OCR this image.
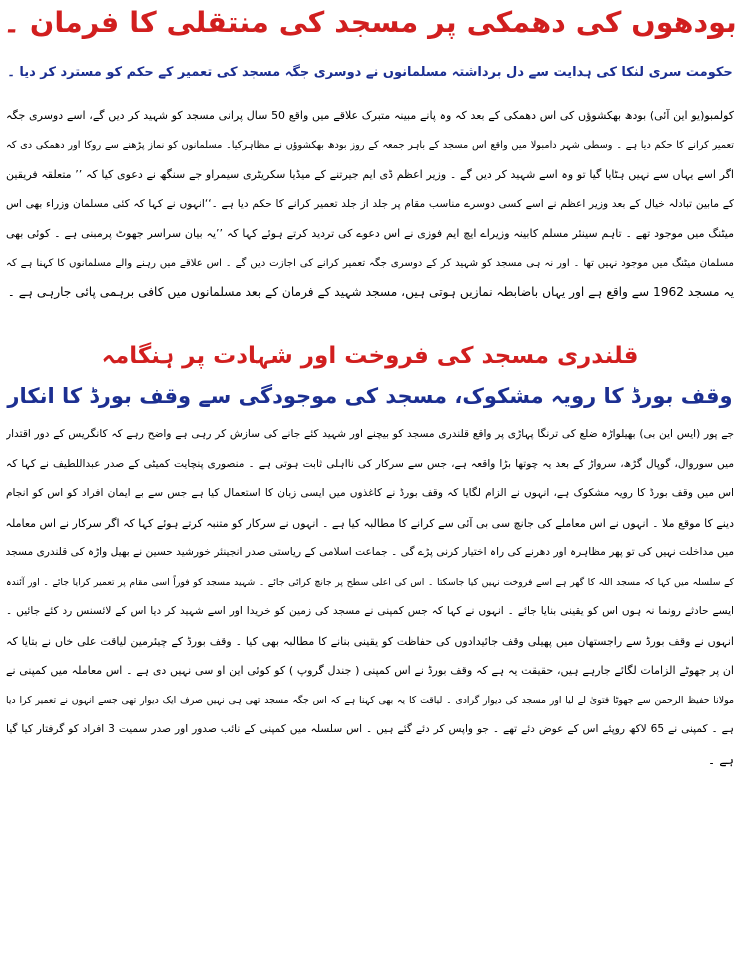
بودھوں کی دھمکی پر مسجد کی منتقلی کا فرمان ۔
حکومت سری لنکا کی ہدایت سے دل برداشتہ مسلمانوں نے دوسری جگہ مسجد کی تعمیر کے حکم کو مسترد کر دیا ۔
کولمبو(یو این آئی) بودھ بھکشوؤں کی اس دھمکی کے بعد کہ وہ پانے مبینہ متبرک علاقے میں واقع 50 سال پرانی مسجد کو شہید کر دیں گے، اسے دوسری جگہ
تعمیر کرانے کا حکم دیا ہے ۔ وسطی شہر دامبولا میں واقع اس مسجد کے باہر جمعہ کے روز بودھ بھکشوؤں نے مظاہرکیا۔ مسلمانوں کو نماز پڑھنے سے روکا اور دھمکی دی کہ
اگر اسے یہاں سے نہیں ہٹایا گیا تو وہ اسے شہید کر دیں گے ۔ وزیر اعظم ڈی ایم جیرتنے کے میڈیا سکریٹری سیمراو جے سنگھ نے دعوی کیا کہ ’’ متعلقہ فریقین
کے مابین تبادلہ خیال کے بعد وزیر اعظم نے اسے کسی دوسرے مناسب مقام پر جلد از جلد تعمیر کرانے کا حکم دیا ہے ۔‘‘انہوں نے کہا کہ کئی مسلمان وزراء بھی اس
میٹنگ میں موجود تھے ۔ تاہم سینئر مسلم کابینہ وزیراے ایچ ایم فوزی نے اس دعوے کی تردید کرتے ہوئے کہا کہ ’’یہ بیان سراسر جھوٹ پرمبنی ہے ۔ کوئی بھی
مسلمان میٹنگ میں موجود نہیں تھا ۔ اور نہ ہی مسجد کو شہید کر کے دوسری جگہ تعمیر کرانے کی اجازت دیں گے ۔ اس علاقے میں رہنے والے مسلمانوں کا کہنا ہے کہ
یہ مسجد 1962 سے واقع ہے اور یہاں باضابطہ نمازیں ہوتی ہیں، مسجد شہید کے فرمان کے بعد مسلمانوں میں کافی برہمی پائی جارہی ہے ۔
قلندری مسجد کی فروخت اور شہادت پر ہنگامہ
وقف بورڈ کا رویہ مشکوک، مسجد کی موجودگی سے وقف بورڈ کا انکار
جے پور (ایس این بی) بھیلواڑہ ضلع کی ترنگا پہاڑی پر واقع قلندری مسجد کو بیچنے اور شہید کئے جانے کی سازش کر رہی ہے واضح رہے کہ کانگریس کے دور اقتدار
میں سوروال، گوپال گڑھ، سرواڑ کے بعد یہ چوتھا بڑا واقعہ ہے، جس سے سرکار کی نااہلی ثابت ہوتی ہے ۔ منصوری پنچایت کمیٹی کے صدر عبداللطیف نے کہا کہ
اس میں وقف بورڈ کا رویہ مشکوک ہے، انہوں نے الزام لگایا کہ وقف بورڈ نے کاغذوں میں ایسی زبان کا استعمال کیا ہے جس سے بے ایمان افراد کو اس کو انجام
دینے کا موقع ملا ۔ انہوں نے اس معاملے کی جانچ سی بی آئی سے کرانے کا مطالبہ کیا ہے ۔ انہوں نے سرکار کو متنبہ کرتے ہوئے کہا کہ اگر سرکار نے اس معاملہ
میں مداخلت نہیں کی تو پھر مظاہرہ اور دھرنے کی راہ اختیار کرنی پڑے گی ۔ جماعت اسلامی کے ریاستی صدر انجینئر خورشید حسین نے بھیل واڑہ کی قلندری مسجد
کے سلسلہ میں کہا کہ مسجد اللہ کا گھر ہے اسے فروخت نہیں کیا جاسکتا ۔ اس کی اعلی سطح پر جانچ کرائی جائے ۔ شہید مسجد کو فوراً اسی مقام پر تعمیر کرایا جائے ۔ اور آئندہ
ایسے حادثے رونما نہ ہوں اس کو یقینی بنایا جائے ۔ انہوں نے کہا کہ جس کمپنی نے مسجد کی زمین کو خریدا اور اسے شہید کر دیا اس کے لائسنس رد کئے جائیں ۔
انہوں نے وقف بورڈ سے راجستھان میں پھیلی وقف جائیدادوں کی حفاظت کو یقینی بنانے کا مطالبہ بھی کیا ۔ وقف بورڈ کے چیئرمین لیاقت علی خاں نے بتایا کہ
ان پر جھوٹے الزامات لگائے جارہے ہیں، حقیقت یہ ہے کہ وقف بورڈ نے اس کمپنی ( جندل گروپ ) کو کوئی این او سی نہیں دی ہے ۔ اس معاملہ میں کمپنی نے
مولانا حفیظ الرحمن سے جھوٹا فتویٰ لے لیا اور مسجد کی دیوار گرادی ۔ لیاقت کا یہ بھی کہنا ہے کہ اس جگہ مسجد تھی ہی نہیں صرف ایک دیوار تھی جسے انہوں نے تعمیر کرا دیا
ہے ۔ کمپنی نے 65 لاکھ روپئے اس کے عوض دئے تھے ۔ جو واپس کر دئے گئے ہیں ۔ اس سلسلہ میں کمپنی کے نائب صدور اور صدر سمیت 3 افراد کو گرفتار کیا گیا
ہے ۔
